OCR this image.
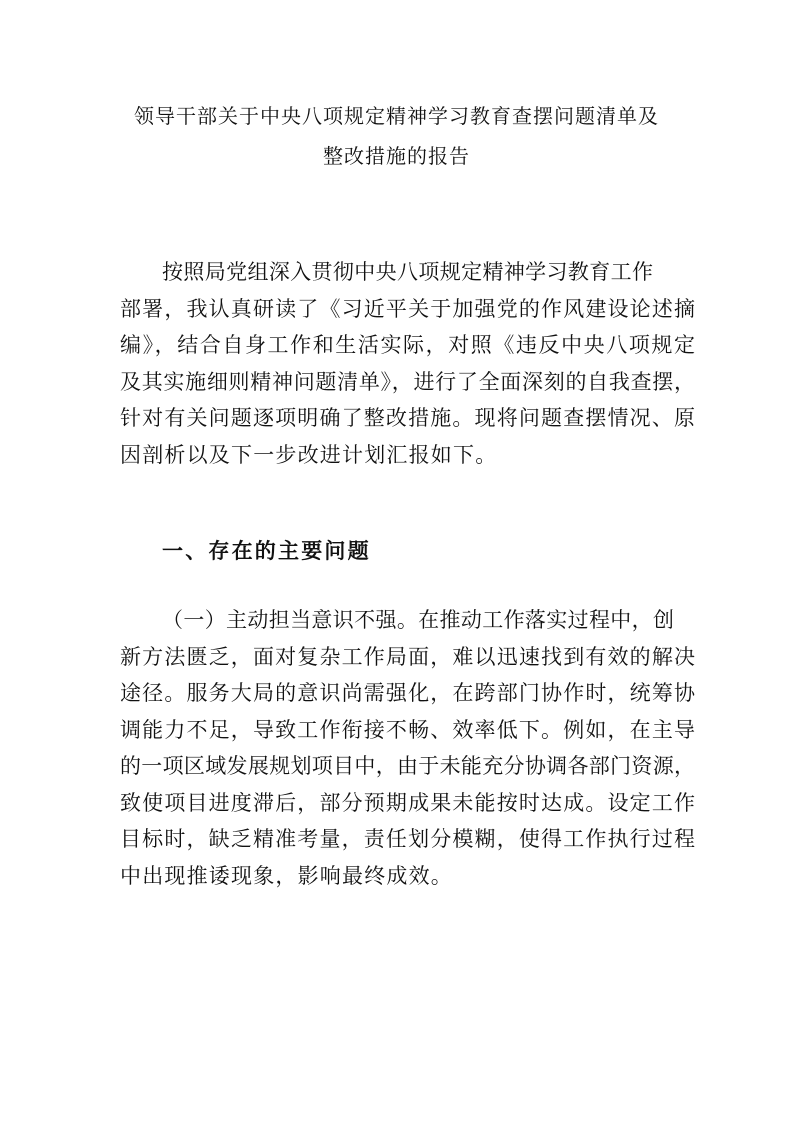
领导干部关于中央八项规定精神学习教育查摆问题清单及
整改措施的报告
按照局党组深入贯彻中央八项规定精神学习教育工作
部署，我认真研读了《习近平关于加强党的作风建设论述摘
编》，结合自身工作和生活实际，对照《违反中央八项规定
及其实施细则精神问题清单》，进行了全面深刻的自我查摆，
针对有关问题逐项明确了整改措施。现将问题查摆情况、原
因剖析以及下一步改进计划汇报如下。
一、存在的主要问题
（一）主动担当意识不强。在推动工作落实过程中，创
新方法匮乏，面对复杂工作局面，难以迅速找到有效的解决
途径。服务大局的意识尚需强化，在跨部门协作时，统筹协
调能力不足，导致工作衔接不畅、效率低下。例如，在主导
的一项区域发展规划项目中，由于未能充分协调各部门资源，
致使项目进度滞后，部分预期成果未能按时达成。设定工作
目标时，缺乏精准考量，责任划分模糊，使得工作执行过程
中出现推诿现象，影响最终成效。
